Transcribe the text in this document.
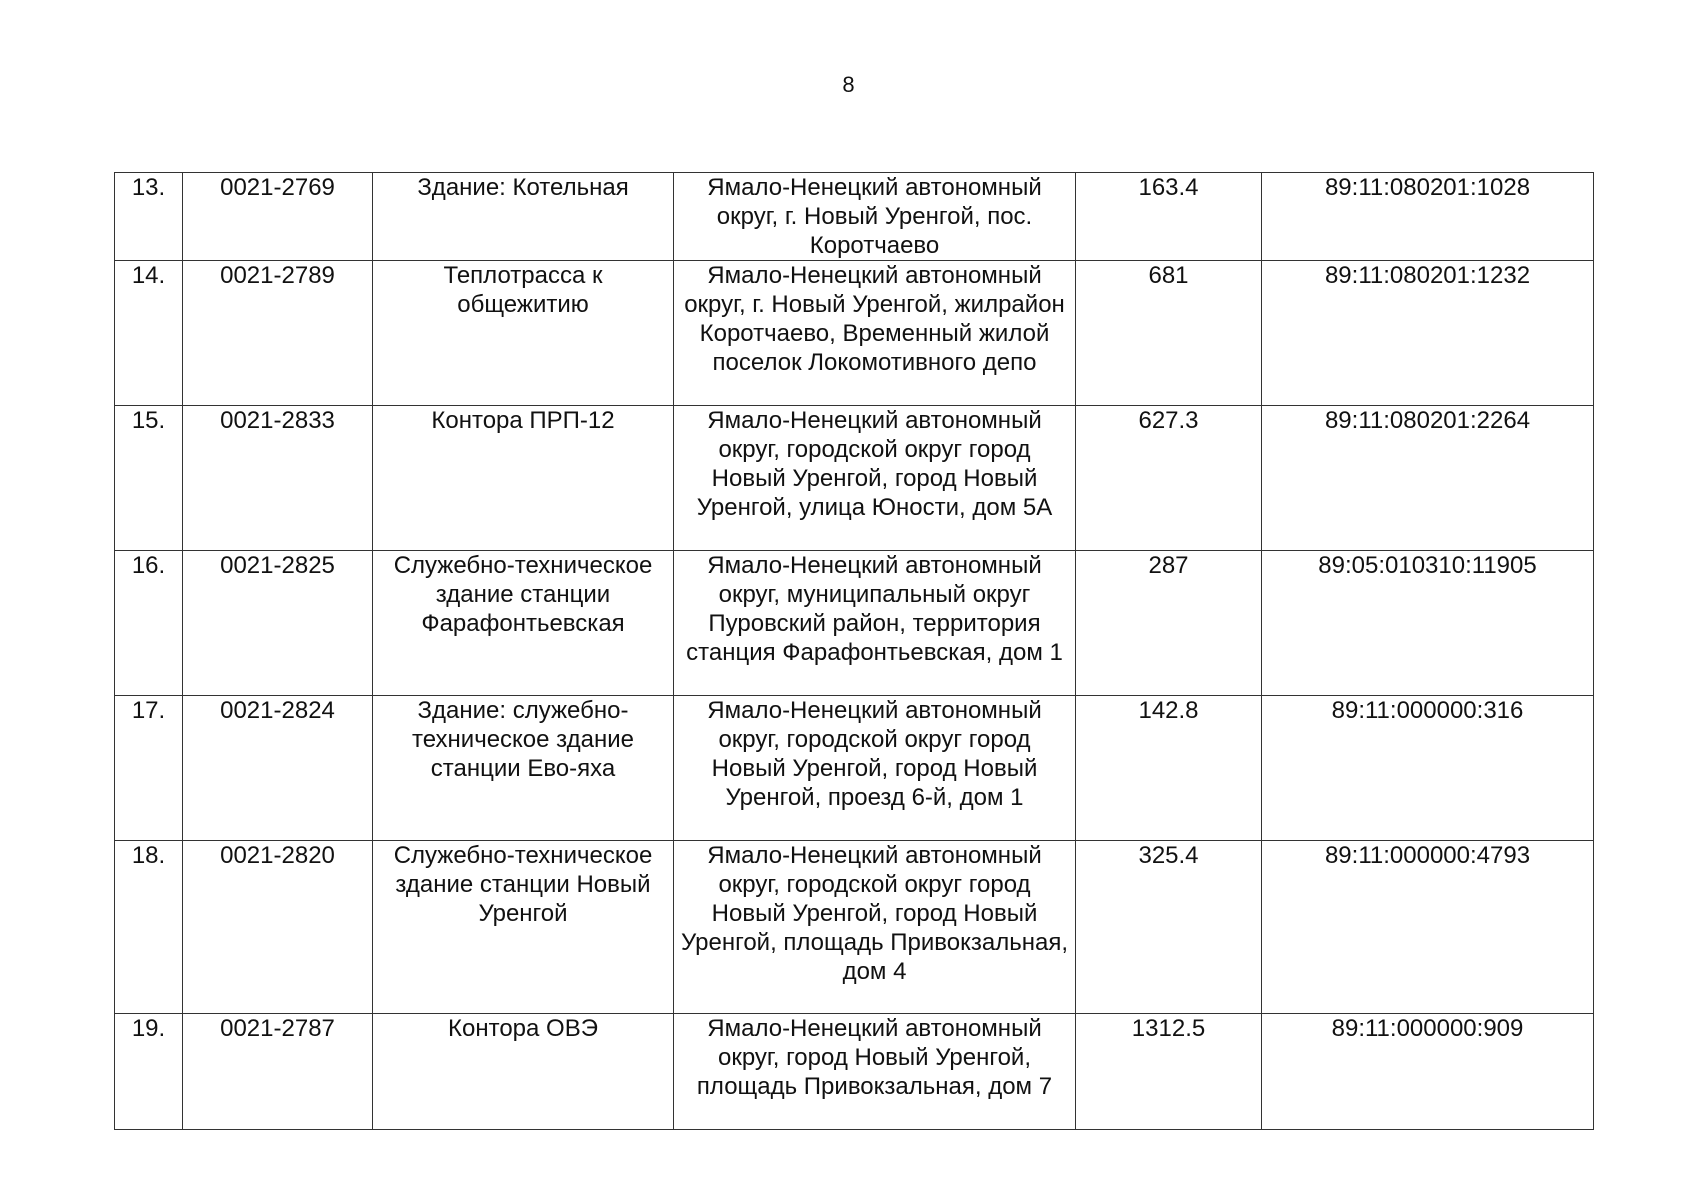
8
13.	0021-2769	Здание: Котельная	Ямало-Ненецкий автономный округ, г. Новый Уренгой, пос. Коротчаево	163.4	89:11:080201:1028
14.	0021-2789	Теплотрасса к общежитию	Ямало-Ненецкий автономный округ, г. Новый Уренгой, жилрайон Коротчаево, Временный жилой поселок Локомотивного депо	681	89:11:080201:1232
15.	0021-2833	Контора ПРП-12	Ямало-Ненецкий автономный округ, городской округ город Новый Уренгой, город Новый Уренгой, улица Юности, дом 5А	627.3	89:11:080201:2264
16.	0021-2825	Служебно-техническое здание станции Фарафонтьевская	Ямало-Ненецкий автономный округ, муниципальный округ Пуровский район, территория станция Фарафонтьевская, дом 1	287	89:05:010310:11905
17.	0021-2824	Здание: служебно-техническое здание станции Ево-яха	Ямало-Ненецкий автономный округ, городской округ город Новый Уренгой, город Новый Уренгой, проезд 6-й, дом 1	142.8	89:11:000000:316
18.	0021-2820	Служебно-техническое здание станции Новый Уренгой	Ямало-Ненецкий автономный округ, городской округ город Новый Уренгой, город Новый Уренгой, площадь Привокзальная, дом 4	325.4	89:11:000000:4793
19.	0021-2787	Контора ОВЭ	Ямало-Ненецкий автономный округ, город Новый Уренгой, площадь Привокзальная, дом 7	1312.5	89:11:000000:909
